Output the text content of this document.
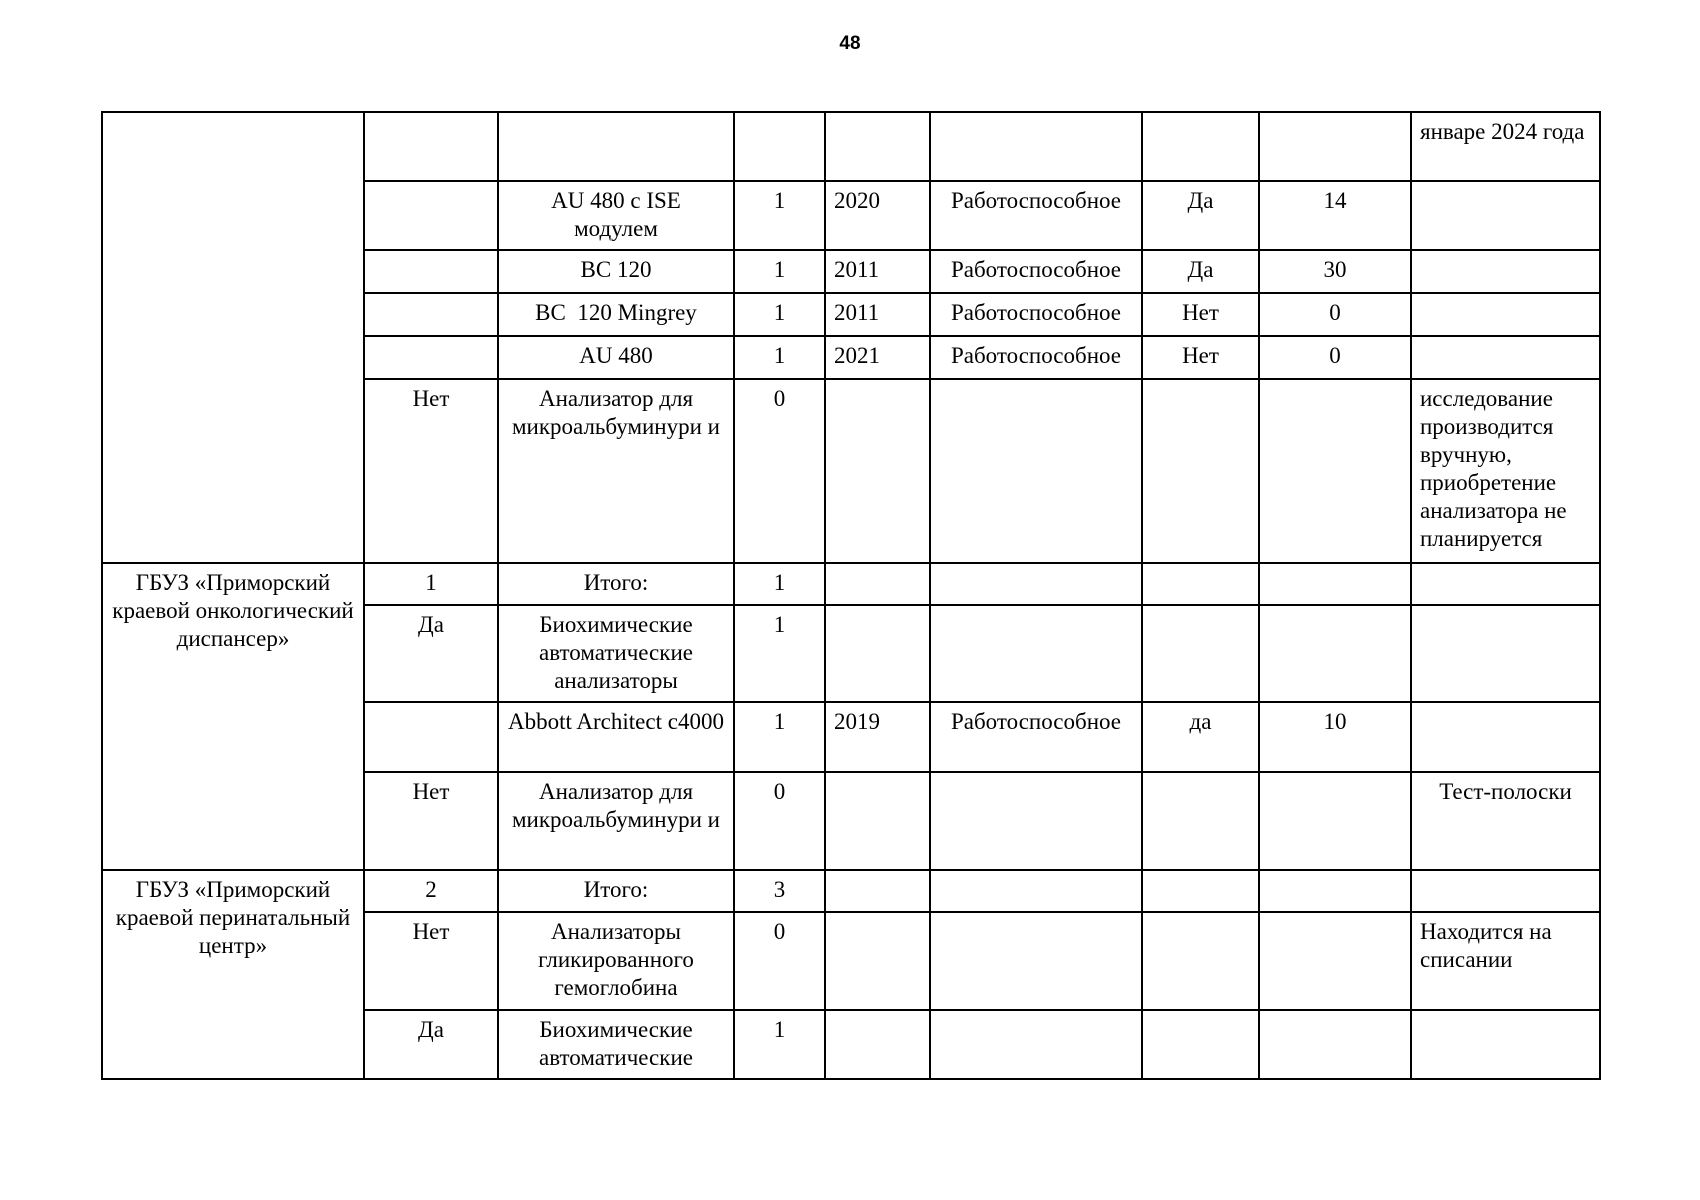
48
								январе 2024 года
		AU 480 с ISE модулем	1	2020	Работоспособное	Да	14	
		ВС 120	1	2011	Работоспособное	Да	30	
		ВС  120 Mingrey	1	2011	Работоспособное	Нет	0	
		AU 480	1	2021	Работоспособное	Нет	0	
	Нет	Анализатор для микроальбуминури и	0					исследование производится вручную, приобретение анализатора не планируется
ГБУЗ «Приморский краевой онкологический диспансер»	1	Итого:	1					
	Да	Биохимические автоматические анализаторы	1					
		Abbott Architect с4000	1	2019	Работоспособное	да	10	
	Нет	Анализатор для микроальбуминури и	0					Тест-полоски
ГБУЗ «Приморский краевой перинатальный центр»	2	Итого:	3					
	Нет	Анализаторы гликированного гемоглобина	0					Находится на списании
	Да	Биохимические автоматические	1					
